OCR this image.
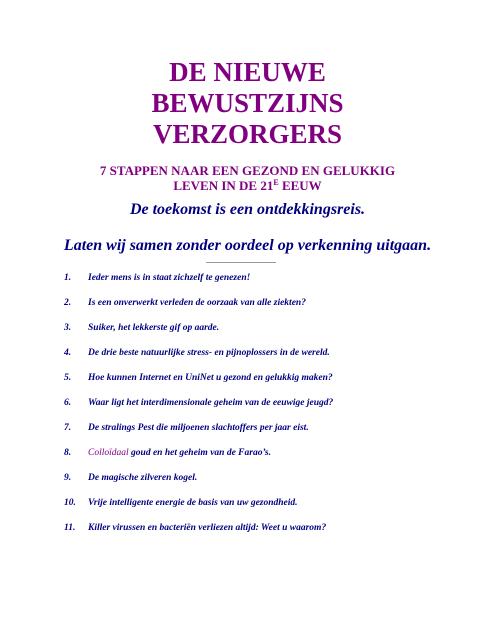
DE NIEUWE
BEWUSTZIJNS
VERZORGERS
7 STAPPEN NAAR EEN GEZOND EN GELUKKIG
LEVEN IN DE $21^E$ EEUW

De toekomst is een ontdekkingsreis.

Laten wij samen zonder oordeel op verkenning uitgaan.

1. Ieder mens is in staat zichzelf te genezen!
2. Is een onverwerkt verleden de oorzaak van alle ziekten?
3. Suiker, het lekkerste gif op aarde.
4. De drie beste natuurlijke stress- en pijnoplossers in de wereld.
5. Hoe kunnen Internet en UniNet u gezond en gelukkig maken?
6. Waar ligt het interdimensionale geheim van de eeuwige jeugd?
7. De stralings Pest die miljoenen slachtoffers per jaar eist.
8. Colloïdaal goud en het geheim van de Farao’s.
9. De magische zilveren kogel.
10. Vrije intelligente energie de basis van uw gezondheid.
11. Killer virussen en bacteriën verliezen altijd: Weet u waarom?
